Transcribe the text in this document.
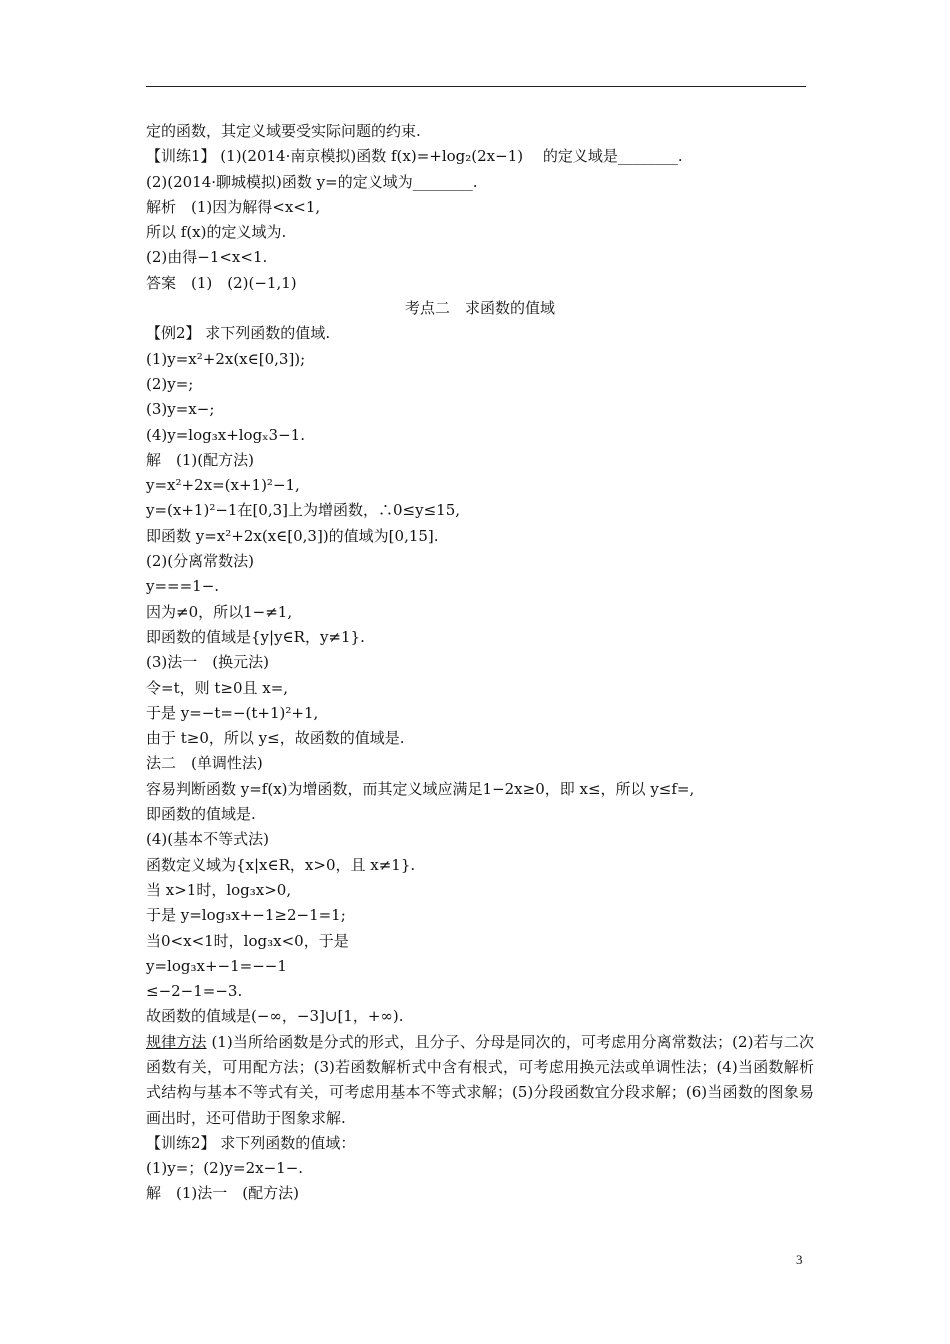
定的函数，其定义域要受实际问题的约束.
【训练1】 (1)(2014·南京模拟)函数 f(x)=+log₂(2x−1)　 的定义域是________.
(2)(2014·聊城模拟)函数 y=的定义域为________.
解析　(1)因为解得<x<1,
所以 f(x)的定义域为.
(2)由得−1<x<1.
答案　(1)　(2)(−1,1)
考点二　求函数的值域
【例2】 求下列函数的值域.
(1)y=x²+2x(x∈[0,3]);
(2)y=;
(3)y=x−;
(4)y=log₃x+logₓ3−1.
解　(1)(配方法)
y=x²+2x=(x+1)²−1,
y=(x+1)²−1在[0,3]上为增函数，∴0≤y≤15,
即函数 y=x²+2x(x∈[0,3])的值域为[0,15].
(2)(分离常数法)
y===1−.
因为≠0，所以1−≠1,
即函数的值域是{y|y∈R，y≠1}.
(3)法一　(换元法)
令=t，则 t≥0且 x=,
于是 y=−t=−(t+1)²+1,
由于 t≥0，所以 y≤，故函数的值域是.
法二　(单调性法)
容易判断函数 y=f(x)为增函数，而其定义域应满足1−2x≥0，即 x≤，所以 y≤f=,
即函数的值域是.
(4)(基本不等式法)
函数定义域为{x|x∈R，x>0，且 x≠1}.
当 x>1时，log₃x>0,
于是 y=log₃x+−1≥2−1=1;
当0<x<1时，log₃x<0，于是
y=log₃x+−1=−−1
≤−2−1=−3.
故函数的值域是(−∞，−3]∪[1，+∞).
规律方法 (1)当所给函数是分式的形式，且分子、分母是同次的，可考虑用分离常数法；(2)若与二次函数有关，可用配方法；(3)若函数解析式中含有根式，可考虑用换元法或单调性法；(4)当函数解析式结构与基本不等式有关，可考虑用基本不等式求解；(5)分段函数宜分段求解；(6)当函数的图象易画出时，还可借助于图象求解.
【训练2】 求下列函数的值域：
(1)y=；(2)y=2x−1−.
解　(1)法一　(配方法)
3
